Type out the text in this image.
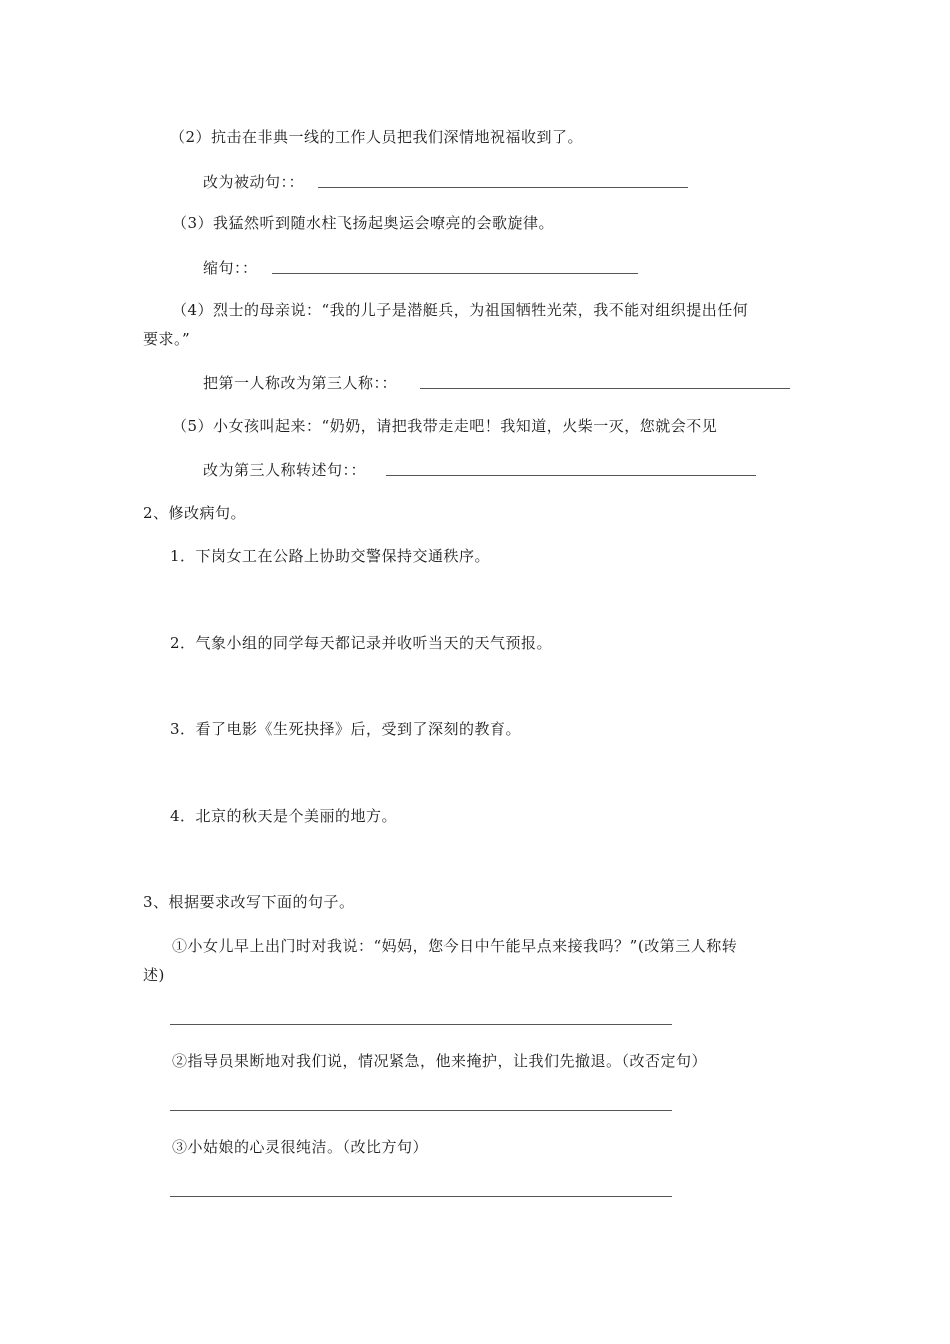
（2）抗击在非典一线的工作人员把我们深情地祝福收到了。
改为被动句：：
（3）我猛然听到随水柱飞扬起奥运会嘹亮的会歌旋律。
缩句：：
（4）烈士的母亲说：“我的儿子是潜艇兵，为祖国牺牲光荣，我不能对组织提出任何
要求。”
把第一人称改为第三人称：：
（5）小女孩叫起来：“奶奶，请把我带走走吧！我知道，火柴一灭，您就会不见
改为第三人称转述句：：
2、修改病句。
1．下岗女工在公路上协助交警保持交通秩序。
2．气象小组的同学每天都记录并收听当天的天气预报。
3．看了电影《生死抉择》后，受到了深刻的教育。
4．北京的秋天是个美丽的地方。
3、根据要求改写下面的句子。
①小女儿早上出门时对我说：“妈妈，您今日中午能早点来接我吗？”(改第三人称转
述)
②指导员果断地对我们说，情况紧急，他来掩护，让我们先撤退。（改否定句）
③小姑娘的心灵很纯洁。（改比方句）
